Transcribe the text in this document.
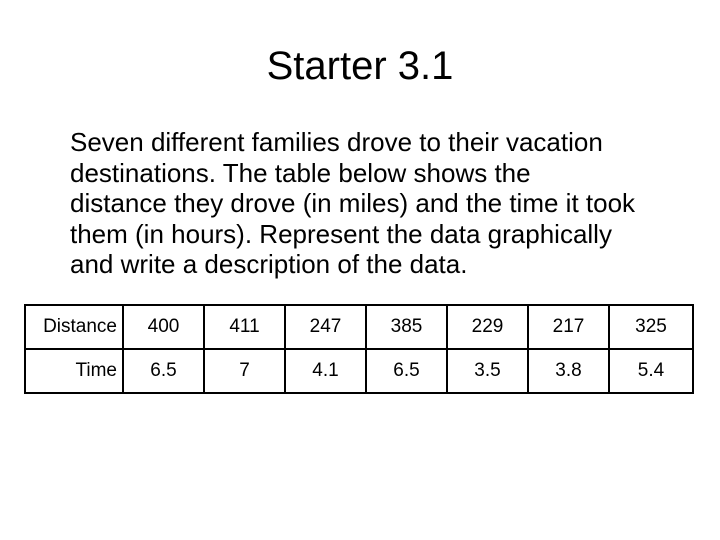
Starter 3.1
Seven different families drove to their vacation
destinations. The table below shows the
distance they drove (in miles) and the time it took
them (in hours). Represent the data graphically
and write a description of the data.
Distance	400	411	247	385	229	217	325
Time	6.5	7	4.1	6.5	3.5	3.8	5.4
